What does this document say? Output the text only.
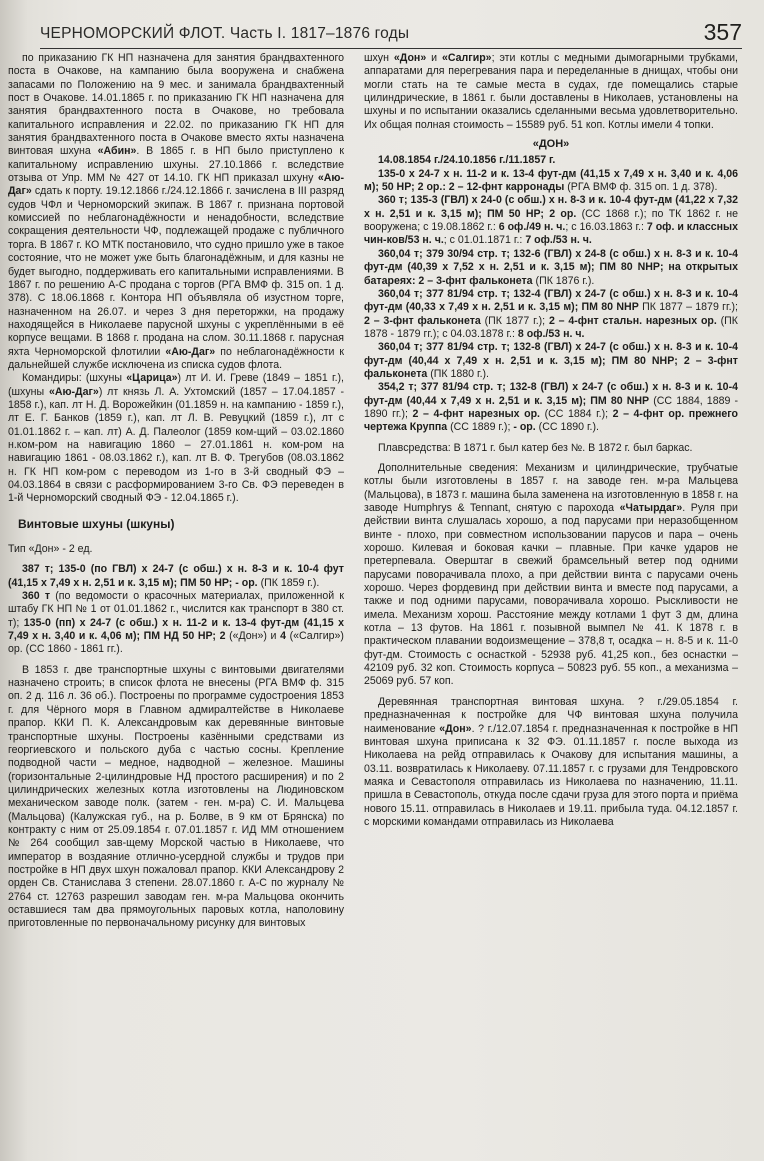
ЧЕРНОМОРСКИЙ ФЛОТ. Часть I. 1817–1876 годы	357

по приказанию ГК НП назначена для занятия брандвахтенного поста в Очакове, на кампанию была вооружена и снабжена запасами по Положению на 9 мес. и занимала брандвахтенный пост в Очакове. 14.01.1865 г. по приказанию ГК НП назначена для занятия брандвахтенного поста в Очакове, но требовала капитального исправления и 22.02. по приказанию ГК НП для занятия брандвахтенного поста в Очакове вместо яхты назначена винтовая шхуна «Абин». В 1865 г. в НП было приступлено к капитальному исправлению шхуны. 27.10.1866 г. вследствие отзыва от Упр. ММ № 427 от 14.10. ГК НП приказал шхуну «Аю-Даг» сдать к порту. 19.12.1866 г./24.12.1866 г. зачислена в III разряд судов ЧФл и Черноморский экипаж. В 1867 г. признана портовой комиссией по неблагонадёжности и ненадобности, вследствие сокращения деятельности ЧФ, подлежащей продаже с публичного торга. В 1867 г. КО МТК постановило, что судно пришло уже в такое состояние, что не может уже быть благонадёжным, и для казны не будет выгодно, поддерживать его капитальными исправлениями. В 1867 г. по решению А-С продана с торгов (РГА ВМФ ф. 315 оп. 1 д. 378). С 18.06.1868 г. Контора НП объявляла об изустном торге, назначенном на 26.07. и через 3 дня переторжки, на продажу находящейся в Николаеве парусной шхуны с укреплёнными в её корпусе вещами. В 1868 г. продана на слом. 30.11.1868 г. парусная яхта Черноморской флотилии «Аю-Даг» по неблагонадёжности к дальнейшей службе исключена из списка судов флота.

Командиры: (шхуны «Царица») лт И. И. Греве (1849 – 1851 г.), (шхуны «Аю-Даг») лт князь Л. А. Ухтомский (1857 – 17.04.1857 - 1858 г.), кап. лт Н. Д. Ворожейкин (01.1859 н. на кампанию - 1859 г.), лт Е. Г. Банков (1859 г.), кап. лт Л. В. Ревуцкий (1859 г.), лт с 01.01.1862 г. – кап. лт) А. Д. Палеолог (1859 ком-щий – 03.02.1860 н.ком-ром на навигацию 1860 – 27.01.1861 н. ком-ром на навигацию 1861 - 08.03.1862 г.), кап. лт В. Ф. Трегубов (08.03.1862 н. ГК НП ком-ром с переводом из 1-го в 3-й сводный ФЭ – 04.03.1864 в связи с расформированием 3-го Св. ФЭ переведен в 1-й Черноморский сводный ФЭ - 12.04.1865 г.).

Винтовые шхуны (шкуны)

Тип «Дон» - 2 ед.

387 т; 135-0 (по ГВЛ) х 24-7 (с обш.) х н. 8-3 и к. 10-4 фут (41,15 х 7,49 х н. 2,51 и к. 3,15 м); ПМ 50 НР; - ор. (ПК 1859 г.).

360 т (по ведомости о красочных материалах, приложенной к штабу ГК НП № 1 от 01.01.1862 г., числится как транспорт в 380 ст. т); 135-0 (пп) х 24-7 (с обш.) х н. 11-2 и к. 13-4 фут-дм (41,15 х 7,49 х н. 3,40 и к. 4,06 м); ПМ НД 50 НР; 2 («Дон») и 4 («Салгир») ор. (СС 1860 - 1861 гг.).

В 1853 г. две транспортные шхуны с винтовыми двигателями назначено строить; в список флота не внесены (РГА ВМФ ф. 315 оп. 2 д. 116 л. 36 об.). Построены по программе судостроения 1853 г. для Чёрного моря в Главном адмиралтействе в Николаеве прапор. ККИ П. К. Александровым как деревянные винтовые транспортные шхуны. Построены казёнными средствами из георгиевского и польского дуба с частью сосны. Крепление подводной части – медное, надводной – железное. Машины (горизонтальные 2-цилиндровые НД простого расширения) и по 2 цилиндрических железных котла изготовлены на Людиновском механическом заводе полк. (затем - ген. м-ра) С. И. Мальцева (Мальцова) (Калужская губ., на р. Болве, в 9 км от Брянска) по контракту с ним от 25.09.1854 г. 07.01.1857 г. ИД ММ отношением № 264 сообщил зав-щему Морской частью в Николаеве, что император в воздаяние отлично-усердной службы и трудов при постройке в НП двух шхун пожаловал прапор. ККИ Александрову 2 орден Св. Станислава 3 степени. 28.07.1860 г. А-С по журналу № 2764 ст. 12763 разрешил заводам ген. м-ра Мальцова окончить оставшиеся там два прямоугольных паровых котла, наполовину приготовленные по первоначальному рисунку для винтовых

шхун «Дон» и «Салгир»; эти котлы с медными дымогарными трубками, аппаратами для перегревания пара и переделанные в днищах, чтобы они могли стать на те самые места в судах, где помещались старые цилиндрические, в 1861 г. были доставлены в Николаев, установлены на шхуны и по испытании оказались сделанными весьма удовлетворительно. Их общая полная стоимость – 15589 руб. 51 коп. Котлы имели 4 топки.

«ДОН»

14.08.1854 г./24.10.1856 г./11.1857 г.

135-0 х 24-7 х н. 11-2 и к. 13-4 фут-дм (41,15 х 7,49 х н. 3,40 и к. 4,06 м); 50 НР; 2 ор.: 2 – 12-фнт карронады (РГА ВМФ ф. 315 оп. 1 д. 378).

360 т; 135-3 (ГВЛ) х 24-0 (с обш.) х н. 8-3 и к. 10-4 фут-дм (41,22 х 7,32 х н. 2,51 и к. 3,15 м); ПМ 50 НР; 2 ор. (СС 1868 г.); по ТК 1862 г. не вооружена; с 19.08.1862 г.: 6 оф./49 н. ч.; с 16.03.1863 г.: 7 оф. и классных чин-ков/53 н. ч.; с 01.01.1871 г.: 7 оф./53 н. ч.

360,04 т; 379 30/94 стр. т; 132-6 (ГВЛ) х 24-8 (с обш.) х н. 8-3 и к. 10-4 фут-дм (40,39 х 7,52 х н. 2,51 и к. 3,15 м); ПМ 80 NHP; на открытых батареях: 2 – 3-фнт фальконета (ПК 1876 г.).

360,04 т; 377 81/94 стр. т; 132-4 (ГВЛ) х 24-7 (с обш.) х н. 8-3 и к. 10-4 фут-дм (40,33 х 7,49 х н. 2,51 и к. 3,15 м); ПМ 80 NHP ПК 1877 – 1879 гг.); 2 – 3-фнт фальконета (ПК 1877 г.); 2 – 4-фнт стальн. нарезных ор. (ПК 1878 - 1879 гг.); с 04.03.1878 г.: 8 оф./53 н. ч.

360,04 т; 377 81/94 стр. т; 132-8 (ГВЛ) х 24-7 (с обш.) х н. 8-3 и к. 10-4 фут-дм (40,44 х 7,49 х н. 2,51 и к. 3,15 м); ПМ 80 NHP; 2 – 3-фнт фальконета (ПК 1880 г.).

354,2 т; 377 81/94 стр. т; 132-8 (ГВЛ) х 24-7 (с обш.) х н. 8-3 и к. 10-4 фут-дм (40,44 х 7,49 х н. 2,51 и к. 3,15 м); ПМ 80 NHP (СС 1884, 1889 - 1890 гг.); 2 – 4-фнт нарезных ор. (СС 1884 г.); 2 – 4-фнт ор. прежнего чертежа Круппа (СС 1889 г.); - ор. (СС 1890 г.).

Плавсредства: В 1871 г. был катер без №. В 1872 г. был баркас.

Дополнительные сведения: Механизм и цилиндрические, трубчатые котлы были изготовлены в 1857 г. на заводе ген. м-ра Мальцева (Мальцова), в 1873 г. машина была заменена на изготовленную в 1858 г. на заводе Humphrys & Tennant, снятую с парохода «Чатырдаг». Руля при действии винта слушалась хорошо, а под парусами при неразобщенном винте - плохо, при совместном использовании парусов и пара – очень хорошо. Килевая и боковая качки – плавные. При качке ударов не претерпевала. Оверштаг в свежий брамсельный ветер под одними парусами поворачивала плохо, а при действии винта с парусами очень хорошо. Через фордевинд при действии винта и вместе под парусами, а также и под одними парусами, поворачивала хорошо. Рыскливости не имела. Механизм хорош. Расстояние между котлами 1 фут 3 дм, длина котла – 13 футов. На 1861 г. позывной вымпел № 41. К 1878 г. в практическом плавании водоизмещение – 378,8 т, осадка – н. 8-5 и к. 11-0 фут-дм. Стоимость с оснасткой - 52938 руб. 41,25 коп., без оснастки – 42109 руб. 32 коп. Стоимость корпуса – 50823 руб. 55 коп., а механизма – 25069 руб. 57 коп.

Деревянная транспортная винтовая шхуна. ? г./29.05.1854 г. предназначенная к постройке для ЧФ винтовая шхуна получила наименование «Дон». ? г./12.07.1854 г. предназначенная к постройке в НП винтовая шхуна приписана к 32 ФЭ. 01.11.1857 г. после выхода из Николаева на рейд отправилась к Очакову для испытания машины, а 03.11. возвратилась к Николаеву. 07.11.1857 г. с грузами для Тендровского маяка и Севастополя отправилась из Николаева по назначению, 11.11. пришла в Севастополь, откуда после сдачи груза для этого порта и приёма нового 15.11. отправилась в Николаев и 19.11. прибыла туда. 04.12.1857 г. с морскими командами отправилась из Николаева
